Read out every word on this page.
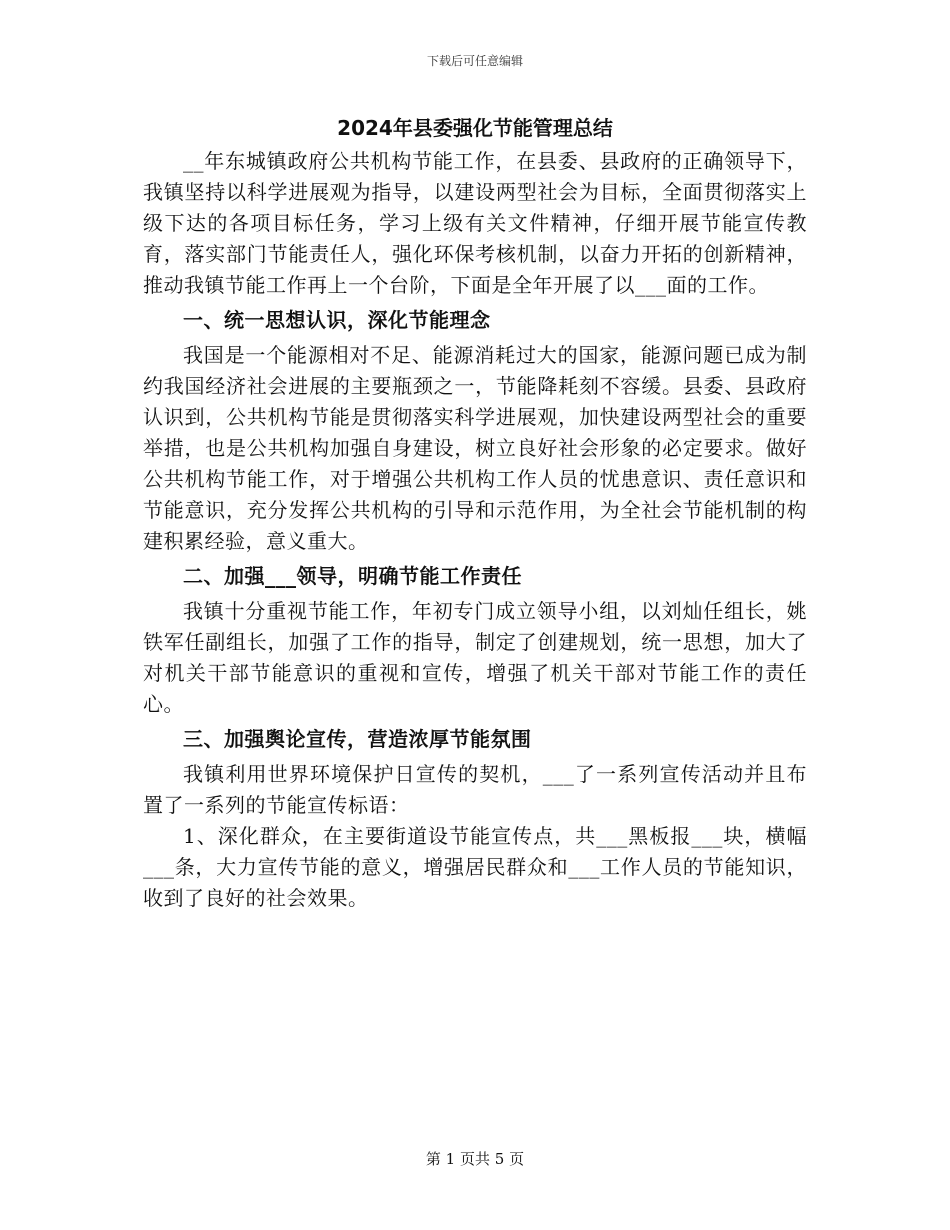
下载后可任意编辑
2024年县委强化节能管理总结

__年东城镇政府公共机构节能工作，在县委、县政府的正确领导下，我镇坚持以科学进展观为指导，以建设两型社会为目标，全面贯彻落实上级下达的各项目标任务，学习上级有关文件精神，仔细开展节能宣传教育，落实部门节能责任人，强化环保考核机制，以奋力开拓的创新精神，推动我镇节能工作再上一个台阶，下面是全年开展了以___面的工作。

一、统一思想认识，深化节能理念

我国是一个能源相对不足、能源消耗过大的国家，能源问题已成为制约我国经济社会进展的主要瓶颈之一，节能降耗刻不容缓。县委、县政府认识到，公共机构节能是贯彻落实科学进展观，加快建设两型社会的重要举措，也是公共机构加强自身建设，树立良好社会形象的必定要求。做好公共机构节能工作，对于增强公共机构工作人员的忧患意识、责任意识和节能意识，充分发挥公共机构的引导和示范作用，为全社会节能机制的构建积累经验，意义重大。

二、加强___领导，明确节能工作责任

我镇十分重视节能工作，年初专门成立领导小组，以刘灿任组长，姚铁军任副组长，加强了工作的指导，制定了创建规划，统一思想，加大了对机关干部节能意识的重视和宣传，增强了机关干部对节能工作的责任心。

三、加强舆论宣传，营造浓厚节能氛围

我镇利用世界环境保护日宣传的契机，___了一系列宣传活动并且布置了一系列的节能宣传标语：

1、深化群众，在主要街道设节能宣传点，共___黑板报___块，横幅___条，大力宣传节能的意义，增强居民群众和___工作人员的节能知识，收到了良好的社会效果。

第 1 页共 5 页
